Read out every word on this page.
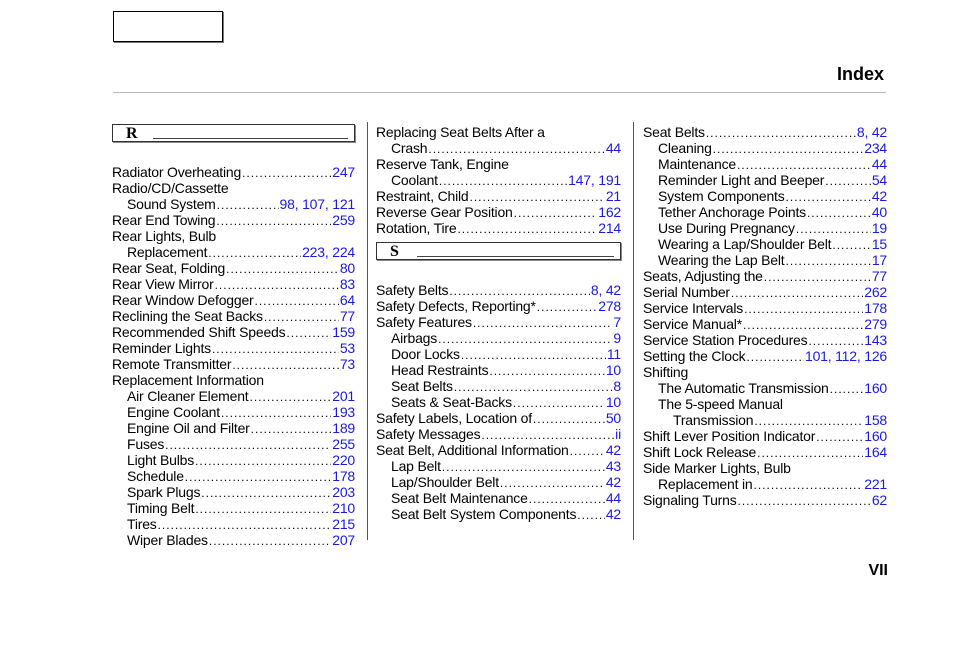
Index
R
Radiator Overheating .....	247
Radio/CD/Cassette
Sound System .....	98, 107, 121
Rear End Towing .....	259
Rear Lights, Bulb
Replacement .....	223, 224
Rear Seat, Folding .....	80
Rear View Mirror .....	83
Rear Window Defogger .....	64
Reclining the Seat Backs .....	77
Recommended Shift Speeds .....	159
Reminder Lights .....	53
Remote Transmitter .....	73
Replacement Information
Air Cleaner Element .....	201
Engine Coolant .....	193
Engine Oil and Filter .....	189
Fuses .....	255
Light Bulbs .....	220
Schedule .....	178
Spark Plugs .....	203
Timing Belt .....	210
Tires .....	215
Wiper Blades .....	207
Replacing Seat Belts After a
Crash .....	44
Reserve Tank, Engine
Coolant .....	147, 191
Restraint, Child .....	21
Reverse Gear Position .....	162
Rotation, Tire .....	214
S
Safety Belts .....	8, 42
Safety Defects, Reporting* .....	278
Safety Features .....	7
Airbags .....	9
Door Locks .....	11
Head Restraints .....	10
Seat Belts .....	8
Seats & Seat-Backs .....	10
Safety Labels, Location of .....	50
Safety Messages .....	ii
Seat Belt, Additional Information .....	42
Lap Belt .....	43
Lap/Shoulder Belt .....	42
Seat Belt Maintenance .....	44
Seat Belt System Components ..... 42
Seat Belts .....	8, 42
Cleaning .....	234
Maintenance .....	44
Reminder Light and Beeper .....	54
System Components .....	42
Tether Anchorage Points .....	40
Use During Pregnancy .....	19
Wearing a Lap/Shoulder Belt .....	15
Wearing the Lap Belt .....	17
Seats, Adjusting the .....	77
Serial Number .....	262
Service Intervals .....	178
Service Manual* .....	279
Service Station Procedures .....	143
Setting the Clock .....	101, 112, 126
Shifting
The Automatic Transmission .....	160
The 5-speed Manual
Transmission .....	158
Shift Lever Position Indicator .....	160
Shift Lock Release .....	164
Side Marker Lights, Bulb
Replacement in .....	221
Signaling Turns .....	62
VII
